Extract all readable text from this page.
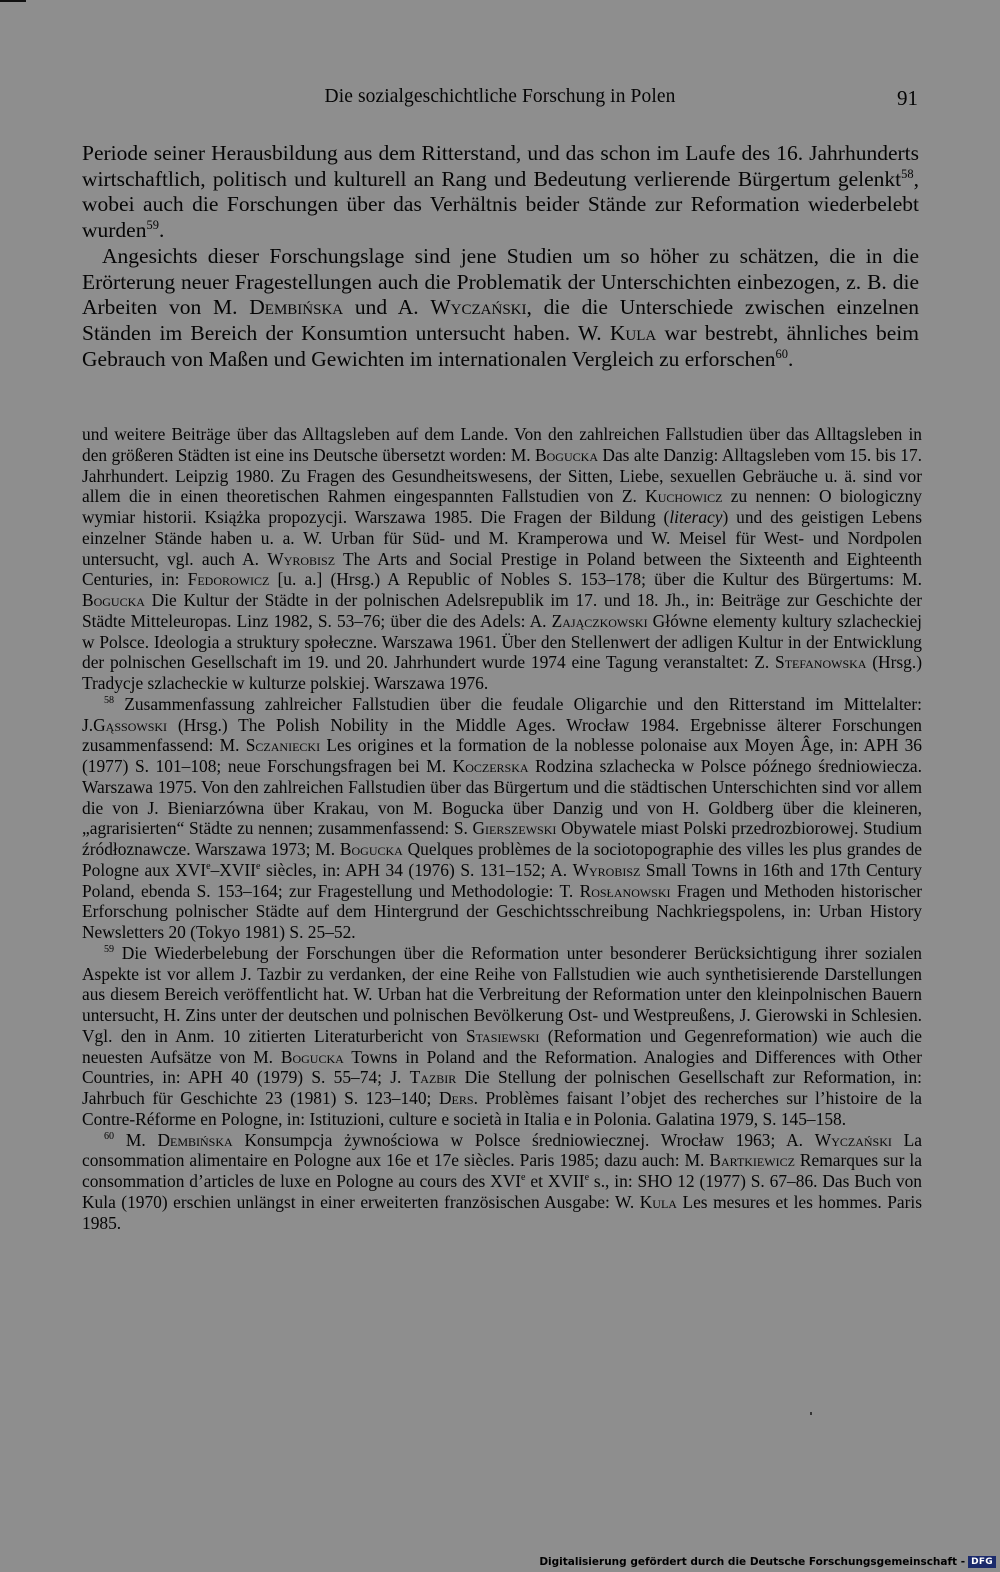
Die sozialgeschichtliche Forschung in Polen	91

Periode seiner Herausbildung aus dem Ritterstand, und das schon im Laufe des 16. Jahrhunderts wirtschaftlich, politisch und kulturell an Rang und Bedeutung verlierende Bürgertum gelenkt$^{58}$, wobei auch die Forschungen über das Verhältnis beider Stände zur Reformation wiederbelebt wurden$^{59}$.

Angesichts dieser Forschungslage sind jene Studien um so höher zu schätzen, die in die Erörterung neuer Fragestellungen auch die Problematik der Unterschichten einbezogen, z. B. die Arbeiten von M. Dembińska und A. Wyczański, die die Unterschiede zwischen einzelnen Ständen im Bereich der Konsumtion untersucht haben. W. Kula war bestrebt, ähnliches beim Gebrauch von Maßen und Gewichten im internationalen Vergleich zu erforschen$^{60}$.

und weitere Beiträge über das Alltagsleben auf dem Lande. Von den zahlreichen Fallstudien über das Alltagsleben in den größeren Städten ist eine ins Deutsche übersetzt worden: M. Bogucka Das alte Danzig: Alltagsleben vom 15. bis 17. Jahrhundert. Leipzig 1980. Zu Fragen des Gesundheitswesens, der Sitten, Liebe, sexuellen Gebräuche u. ä. sind vor allem die in einen theoretischen Rahmen eingespannten Fallstudien von Z. Kuchowicz zu nennen: O biologiczny wymiar historii. Książka propozycji. Warszawa 1985. Die Fragen der Bildung (literacy) und des geistigen Lebens einzelner Stände haben u. a. W. Urban für Süd- und M. Kramperowa und W. Meisel für West- und Nordpolen untersucht, vgl. auch A. Wyrobisz The Arts and Social Prestige in Poland between the Sixteenth and Eighteenth Centuries, in: Fedorowicz [u. a.] (Hrsg.) A Republic of Nobles S. 153–178; über die Kultur des Bürgertums: M. Bogucka Die Kultur der Städte in der polnischen Adelsrepublik im 17. und 18. Jh., in: Beiträge zur Geschichte der Städte Mitteleuropas. Linz 1982, S. 53–76; über die des Adels: A. Zajączkowski Główne elementy kultury szlacheckiej w Polsce. Ideologia a struktury społeczne. Warszawa 1961. Über den Stellenwert der adligen Kultur in der Entwicklung der polnischen Gesellschaft im 19. und 20. Jahrhundert wurde 1974 eine Tagung veranstaltet: Z. Stefanowska (Hrsg.) Tradycje szlacheckie w kulturze polskiej. Warszawa 1976.

$^{58}$ Zusammenfassung zahlreicher Fallstudien über die feudale Oligarchie und den Ritterstand im Mittelalter: J.Gąssowski (Hrsg.) The Polish Nobility in the Middle Ages. Wrocław 1984. Ergebnisse älterer Forschungen zusammenfassend: M. Sczaniecki Les origines et la formation de la noblesse polonaise aux Moyen Âge, in: APH 36 (1977) S. 101–108; neue Forschungsfragen bei M. Koczerska Rodzina szlachecka w Polsce późnego średniowiecza. Warszawa 1975. Von den zahlreichen Fallstudien über das Bürgertum und die städtischen Unterschichten sind vor allem die von J. Bieniarzówna über Krakau, von M. Bogucka über Danzig und von H. Goldberg über die kleineren, „agrarisierten“ Städte zu nennen; zusammenfassend: S. Gierszewski Obywatele miast Polski przedrozbiorowej. Studium źródłoznawcze. Warszawa 1973; M. Bogucka Quelques problèmes de la sociotopographie des villes les plus grandes de Pologne aux XVIe–XVIIe siècles, in: APH 34 (1976) S. 131–152; A. Wyrobisz Small Towns in 16th and 17th Century Poland, ebenda S. 153–164; zur Fragestellung und Methodologie: T. Rosłanowski Fragen und Methoden historischer Erforschung polnischer Städte auf dem Hintergrund der Geschichtsschreibung Nachkriegspolens, in: Urban History Newsletters 20 (Tokyo 1981) S. 25–52.

$^{59}$ Die Wiederbelebung der Forschungen über die Reformation unter besonderer Berücksichtigung ihrer sozialen Aspekte ist vor allem J. Tazbir zu verdanken, der eine Reihe von Fallstudien wie auch synthetisierende Darstellungen aus diesem Bereich veröffentlicht hat. W. Urban hat die Verbreitung der Reformation unter den kleinpolnischen Bauern untersucht, H. Zins unter der deutschen und polnischen Bevölkerung Ost- und Westpreußens, J. Gierowski in Schlesien. Vgl. den in Anm. 10 zitierten Literaturbericht von Stasiewski (Reformation und Gegenreformation) wie auch die neuesten Aufsätze von M. Bogucka Towns in Poland and the Reformation. Analogies and Differences with Other Countries, in: APH 40 (1979) S. 55–74; J. Tazbir Die Stellung der polnischen Gesellschaft zur Reformation, in: Jahrbuch für Geschichte 23 (1981) S. 123–140; Ders. Problèmes faisant l’objet des recherches sur l’histoire de la Contre-Réforme en Pologne, in: Istituzioni, culture e società in Italia e in Polonia. Galatina 1979, S. 145–158.

$^{60}$ M. Dembińska Konsumpcja żywnościowa w Polsce średniowiecznej. Wrocław 1963; A. Wyczański La consommation alimentaire en Pologne aux 16e et 17e siècles. Paris 1985; dazu auch: M. Bartkiewicz Remarques sur la consommation d’articles de luxe en Pologne au cours des XVIe et XVIIe s., in: SHO 12 (1977) S. 67–86. Das Buch von Kula (1970) erschien unlängst in einer erweiterten französischen Ausgabe: W. Kula Les mesures et les hommes. Paris 1985.

Digitalisierung gefördert durch die Deutsche Forschungsgemeinschaft - DFG
